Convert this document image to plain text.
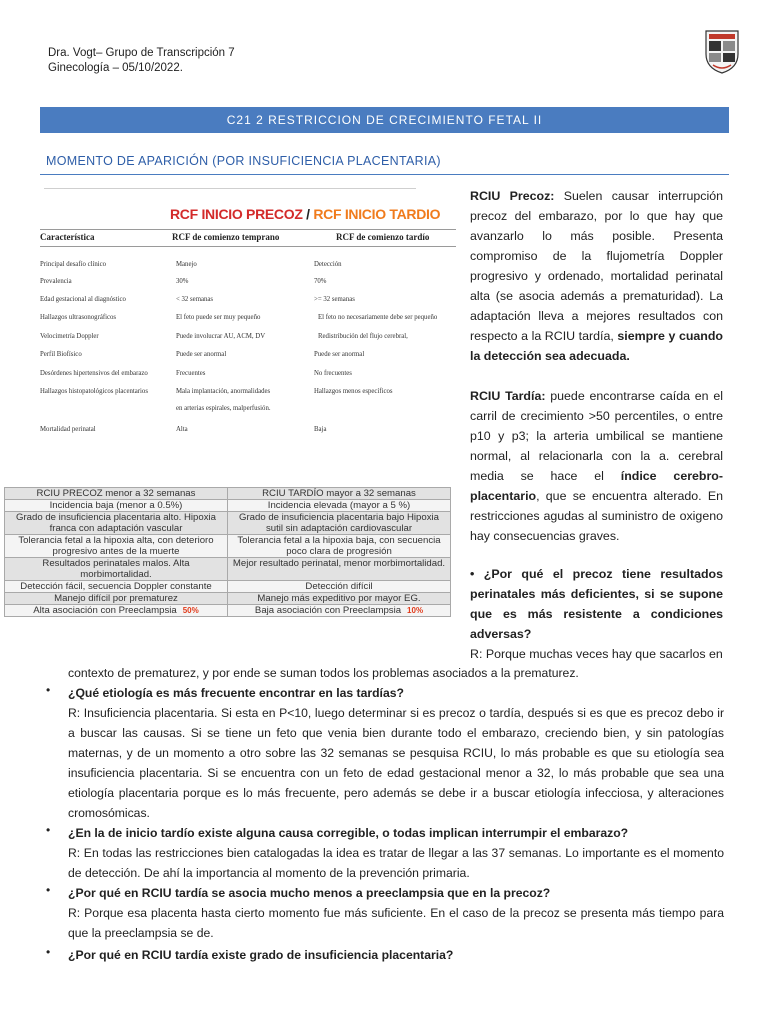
Dra. Vogt– Grupo de Transcripción 7
Ginecología – 05/10/2022.
C21 2 RESTRICCION DE CRECIMIENTO FETAL II
MOMENTO DE APARICIÓN (POR INSUFICIENCIA PLACENTARIA)
RCF INICIO PRECOZ / RCF INICIO TARDIO
Característica	RCF de comienzo temprano	RCF de comienzo tardío
Principal desafío clínico	Manejo	Detección
Prevalencia	30%	70%
Edad gestacional al diagnóstico	< 32 semanas	>= 32 semanas
Hallazgos ultrasonográficos	El feto puede ser muy pequeño	El feto no necesariamente debe ser pequeño
Velocimetría Doppler	Puede involucrar AU, ACM, DV	Redistribución del flujo cerebral,
Perfil Biofísico	Puede ser anormal	Puede ser anormal
Desórdenes hipertensivos del embarazo	Frecuentes	No frecuentes
Hallazgos histopatológicos placentarios	Mala implantación, anormalidades	Hallazgos menos específicos
en arterias espirales, malperfusión.
Mortalidad perinatal	Alta	Baja
RCIU PRECOZ menor a 32 semanas	RCIU TARDÍO mayor a 32 semanas
Incidencia baja (menor a 0.5%)	Incidencia elevada (mayor a 5 %)
Grado de insuficiencia placentaria alto. Hipoxia franca con adaptación vascular	Grado de insuficiencia placentaria bajo Hipoxia sutil sin adaptación cardiovascular
Tolerancia fetal a la hipoxia alta, con deterioro progresivo antes de la muerte	Tolerancia fetal a la hipoxia baja, con secuencia poco clara de progresión
Resultados perinatales malos. Alta morbimortalidad.	Mejor resultado perinatal, menor morbimortalidad.
Detección fácil, secuencia Doppler constante	Detección difícil
Manejo difícil por prematurez	Manejo más expeditivo por mayor EG.
Alta asociación con Preeclampsia 50%	Baja asociación con Preeclampsia 10%
RCIU Precoz: Suelen causar interrupción precoz del embarazo, por lo que hay que avanzarlo lo más posible. Presenta compromiso de la flujometría Doppler progresivo y ordenado, mortalidad perinatal alta (se asocia además a prematuridad). La adaptación lleva a mejores resultados con respecto a la RCIU tardía, siempre y cuando la detección sea adecuada.
RCIU Tardía: puede encontrarse caída en el carril de crecimiento >50 percentiles, o entre p10 y p3; la arteria umbilical se mantiene normal, al relacionarla con la a. cerebral media se hace el índice cerebro-placentario, que se encuentra alterado. En restricciones agudas al suministro de oxigeno hay consecuencias graves.
• ¿Por qué el precoz tiene resultados perinatales más deficientes, si se supone que es más resistente a condiciones adversas?
R: Porque muchas veces hay que sacarlos en
contexto de prematurez, y por ende se suman todos los problemas asociados a la prematurez.
• ¿Qué etiología es más frecuente encontrar en las tardías?
R: Insuficiencia placentaria. Si esta en P<10, luego determinar si es precoz o tardía, después si es que es precoz debo ir a buscar las causas. Si se tiene un feto que venia bien durante todo el embarazo, creciendo bien, y sin patologías maternas, y de un momento a otro sobre las 32 semanas se pesquisa RCIU, lo más probable es que su etiología sea insuficiencia placentaria. Si se encuentra con un feto de edad gestacional menor a 32, lo más probable que sea una etiología placentaria porque es lo más frecuente, pero además se debe ir a buscar etiología infecciosa, y alteraciones cromosómicas.
• ¿En la de inicio tardío existe alguna causa corregible, o todas implican interrumpir el embarazo?
R: En todas las restricciones bien catalogadas la idea es tratar de llegar a las 37 semanas. Lo importante es el momento de detección. De ahí la importancia al momento de la prevención primaria.
• ¿Por qué en RCIU tardía se asocia mucho menos a preeclampsia que en la precoz?
R: Porque esa placenta hasta cierto momento fue más suficiente. En el caso de la precoz se presenta más tiempo para que la preeclampsia se de.
• ¿Por qué en RCIU tardía existe grado de insuficiencia placentaria?
